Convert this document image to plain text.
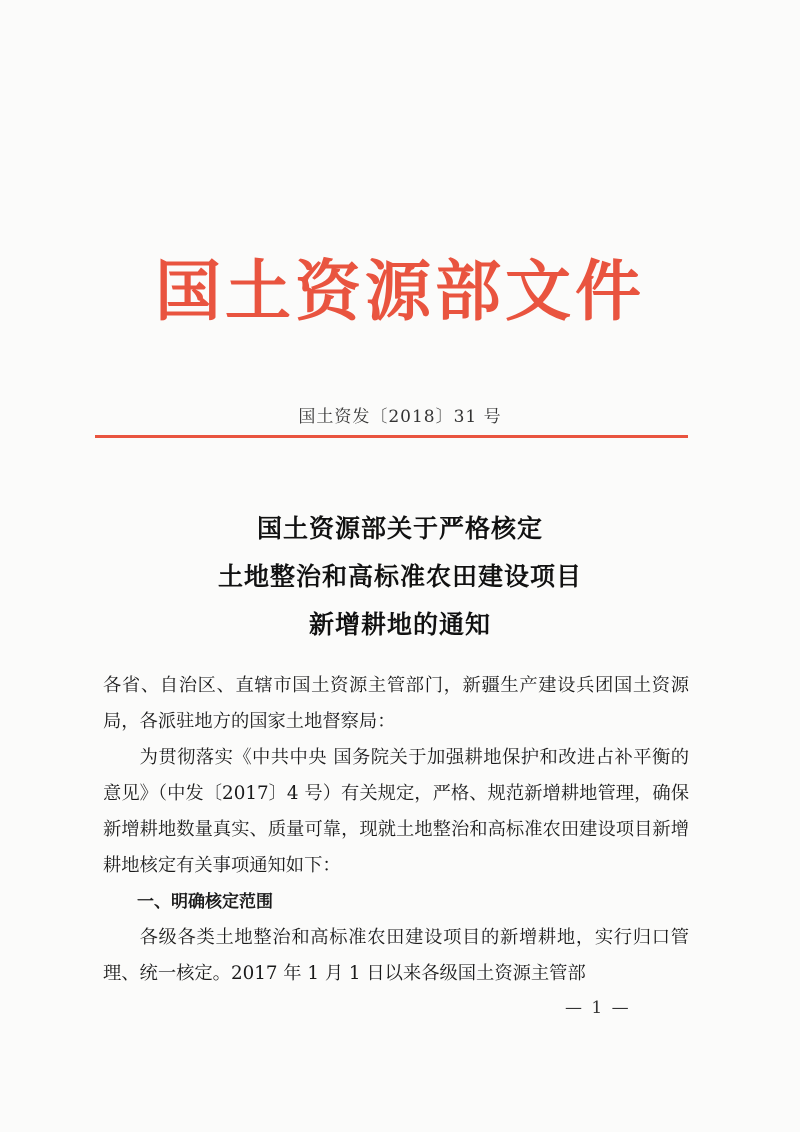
国土资源部文件
国土资发〔2018〕31 号
国土资源部关于严格核定
土地整治和高标准农田建设项目
新增耕地的通知

各省、自治区、直辖市国土资源主管部门，新疆生产建设兵团国土资源局，各派驻地方的国家土地督察局：

为贯彻落实《中共中央 国务院关于加强耕地保护和改进占补平衡的意见》（中发〔2017〕4 号）有关规定，严格、规范新增耕地管理，确保新增耕地数量真实、质量可靠，现就土地整治和高标准农田建设项目新增耕地核定有关事项通知如下：

一、明确核定范围

各级各类土地整治和高标准农田建设项目的新增耕地，实行归口管理、统一核定。2017 年 1 月 1 日以来各级国土资源主管部

— 1 —
